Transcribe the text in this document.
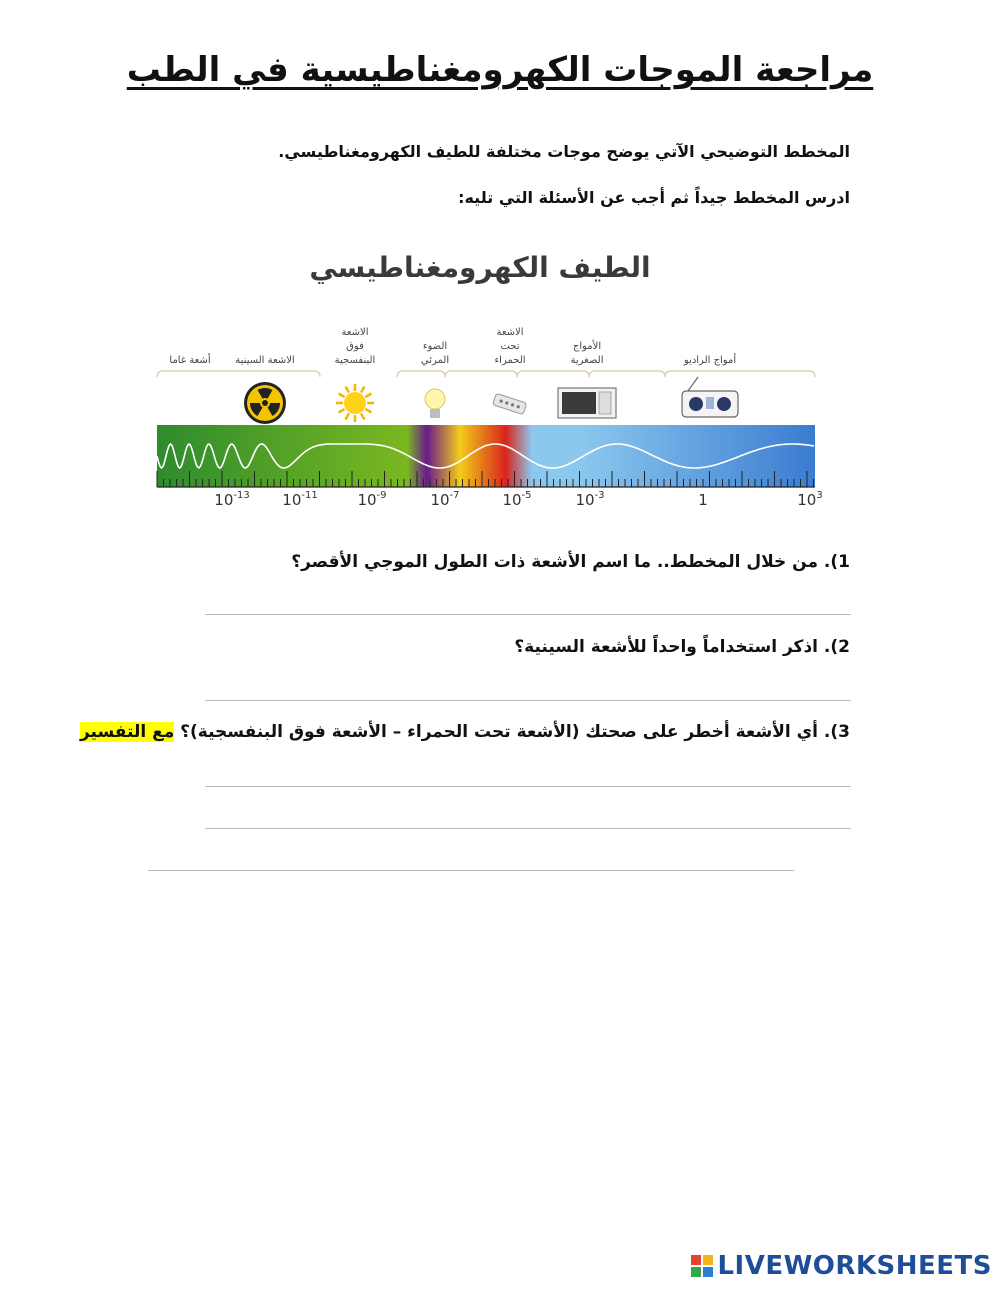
مراجعة الموجات الكهرومغناطيسية في الطب

المخطط التوضيحي الآتي يوضح موجات مختلفة للطيف الكهرومغناطيسي.

ادرس المخطط جيداً ثم أجب عن الأسئلة التي تليه:

الطيف الكهرومغناطيسي
أشعة غاما الاشعة السينية
الاشعة
فوق
البنفسجية
الضوء
المرئي
الاشعة
تحت
الحمراء
الأمواج
الصغرية	أمواج الراديو
$10^{-13}$ $10^{-11}$	$10^{-9}$	$10^{-7}$	$10^{-5}$	$10^{-3}$	1	$10^3$

1). من خلال المخطط.. ما اسم الأشعة ذات الطول الموجي الأقصر؟

2). اذكر استخداماً واحداً للأشعة السينية؟

3). أي الأشعة أخطر على صحتك (الأشعة تحت الحمراء – الأشعة فوق البنفسجية)؟ مع التفسير

LIVEWORKSHEETS
